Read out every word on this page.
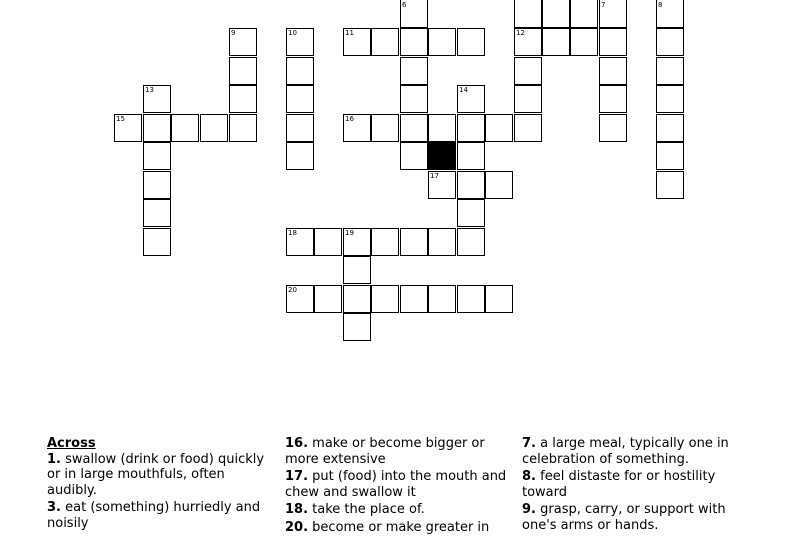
6	7	8
9	10	11	12
13	14
15	16
17
18	19
20
Across
1. swallow (drink or food) quickly or in large mouthfuls, often audibly.
3. eat (something) hurriedly and noisily
16. make or become bigger or more extensive
17. put (food) into the mouth and chew and swallow it
18. take the place of.
20. become or make greater in
7. a large meal, typically one in celebration of something.
8. feel distaste for or hostility toward
9. grasp, carry, or support with one's arms or hands.
